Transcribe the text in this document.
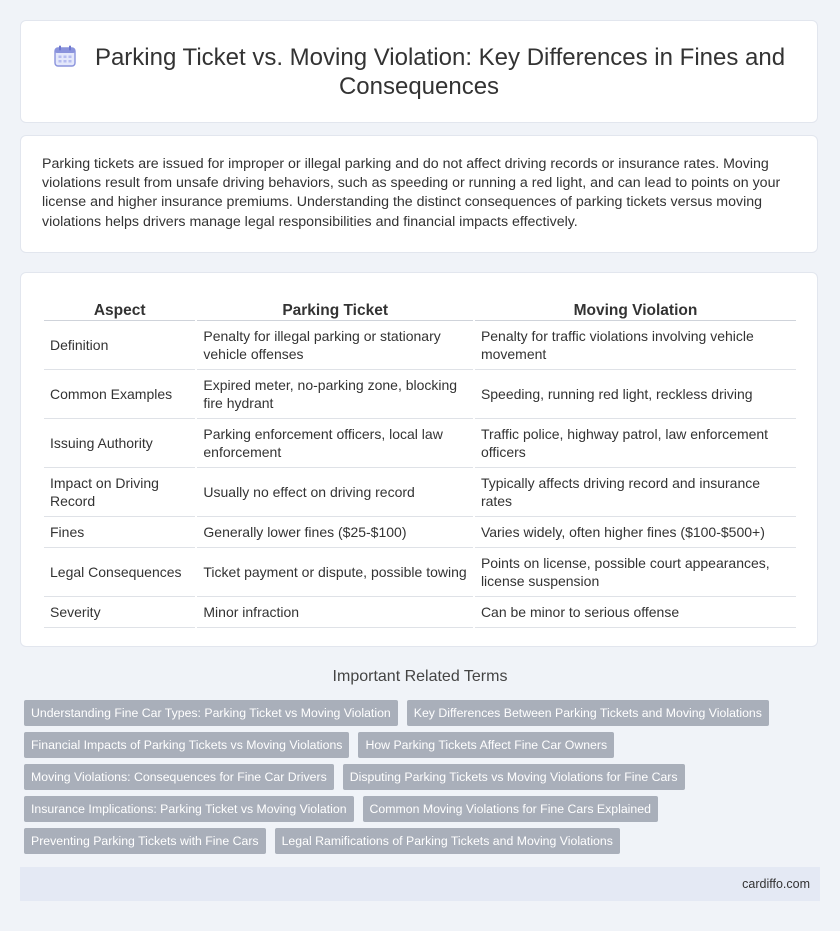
Parking Ticket vs. Moving Violation: Key Differences in Fines and Consequences
Parking tickets are issued for improper or illegal parking and do not affect driving records or insurance rates. Moving violations result from unsafe driving behaviors, such as speeding or running a red light, and can lead to points on your license and higher insurance premiums. Understanding the distinct consequences of parking tickets versus moving violations helps drivers manage legal responsibilities and financial impacts effectively.
Aspect	Parking Ticket	Moving Violation
Definition	Penalty for illegal parking or stationary vehicle offenses	Penalty for traffic violations involving vehicle movement
Common Examples	Expired meter, no-parking zone, blocking fire hydrant	Speeding, running red light, reckless driving
Issuing Authority	Parking enforcement officers, local law enforcement	Traffic police, highway patrol, law enforcement officers
Impact on Driving Record	Usually no effect on driving record	Typically affects driving record and insurance rates
Fines	Generally lower fines ($25-$100)	Varies widely, often higher fines ($100-$500+)
Legal Consequences	Ticket payment or dispute, possible towing	Points on license, possible court appearances, license suspension
Severity	Minor infraction	Can be minor to serious offense
Important Related Terms
Understanding Fine Car Types: Parking Ticket vs Moving Violation	Key Differences Between Parking Tickets and Moving Violations
Financial Impacts of Parking Tickets vs Moving Violations	How Parking Tickets Affect Fine Car Owners
Moving Violations: Consequences for Fine Car Drivers	Disputing Parking Tickets vs Moving Violations for Fine Cars
Insurance Implications: Parking Ticket vs Moving Violation	Common Moving Violations for Fine Cars Explained
Preventing Parking Tickets with Fine Cars	Legal Ramifications of Parking Tickets and Moving Violations
cardiffo.com
